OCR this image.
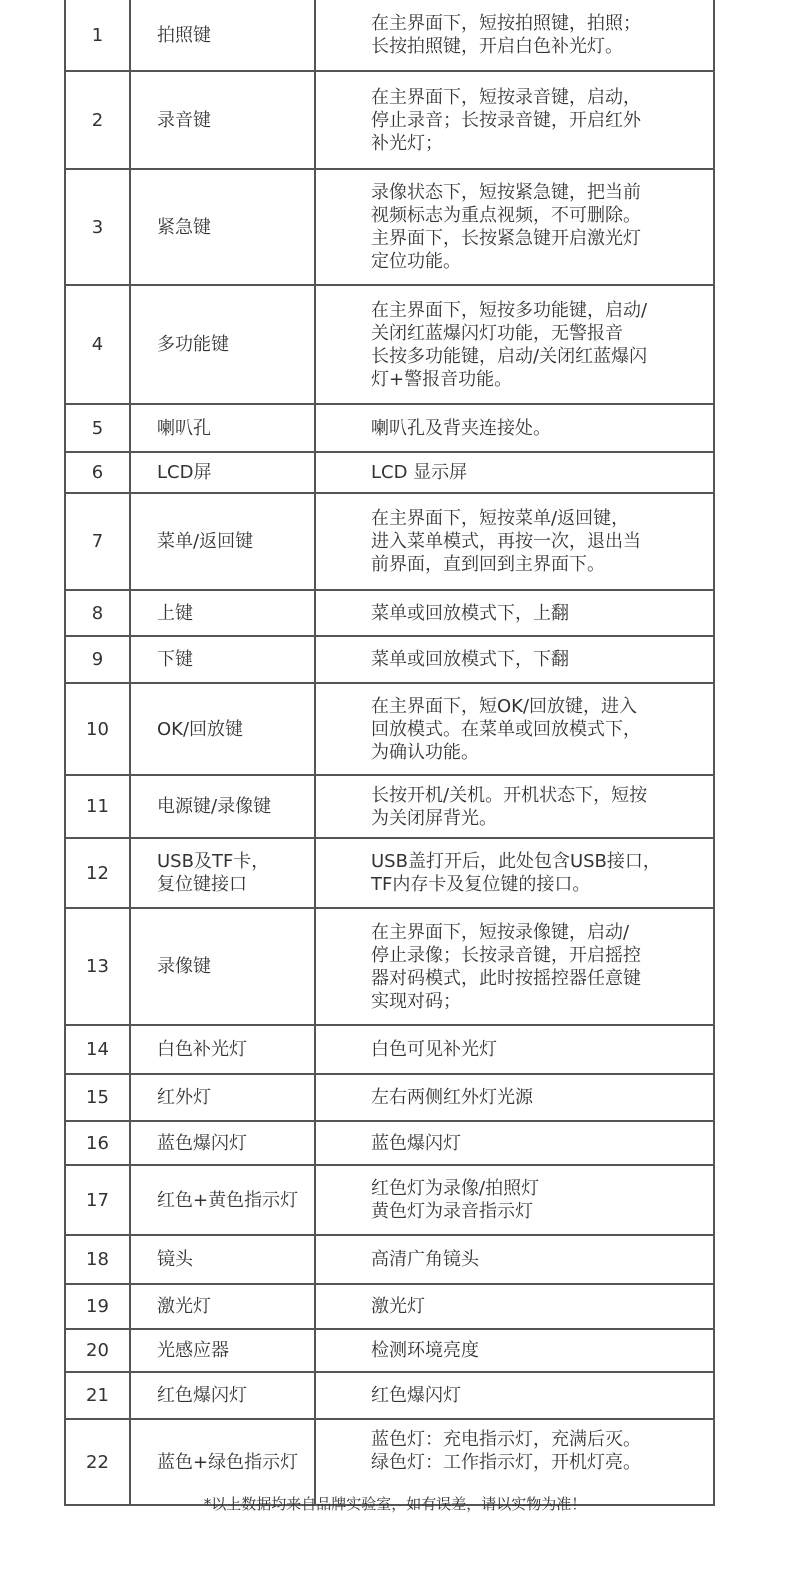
1	拍照键	在主界面下，短按拍照键，拍照；
长按拍照键，开启白色补光灯。
2	录音键	在主界面下，短按录音键，启动，
停止录音；长按录音键，开启红外
补光灯；
3	紧急键	录像状态下，短按紧急键，把当前
视频标志为重点视频，不可删除。
主界面下，长按紧急键开启激光灯
定位功能。
4	多功能键	在主界面下，短按多功能键，启动/
关闭红蓝爆闪灯功能，无警报音
长按多功能键，启动/关闭红蓝爆闪
灯+警报音功能。
5	喇叭孔	喇叭孔及背夹连接处。
6	LCD屏	LCD 显示屏
7	菜单/返回键	在主界面下，短按菜单/返回键，
进入菜单模式，再按一次，退出当
前界面，直到回到主界面下。
8	上键	菜单或回放模式下，上翻
9	下键	菜单或回放模式下，下翻
10	OK/回放键	在主界面下，短OK/回放键，进入
回放模式。在菜单或回放模式下，
为确认功能。
11	电源键/录像键	长按开机/关机。开机状态下，短按
为关闭屏背光。
12	USB及TF卡，
复位键接口	USB盖打开后，此处包含USB接口，
TF内存卡及复位键的接口。
13	录像键	在主界面下，短按录像键，启动/
停止录像；长按录音键，开启摇控
器对码模式，此时按摇控器任意键
实现对码；
14	白色补光灯	白色可见补光灯
15	红外灯	左右两侧红外灯光源
16	蓝色爆闪灯	蓝色爆闪灯
17	红色+黄色指示灯	红色灯为录像/拍照灯
黄色灯为录音指示灯
18	镜头	高清广角镜头
19	激光灯	激光灯
20	光感应器	检测环境亮度
21	红色爆闪灯	红色爆闪灯
22	蓝色+绿色指示灯	蓝色灯：充电指示灯，充满后灭。
绿色灯：工作指示灯，开机灯亮。
*以上数据均来自品牌实验室，如有误差，请以实物为准！
